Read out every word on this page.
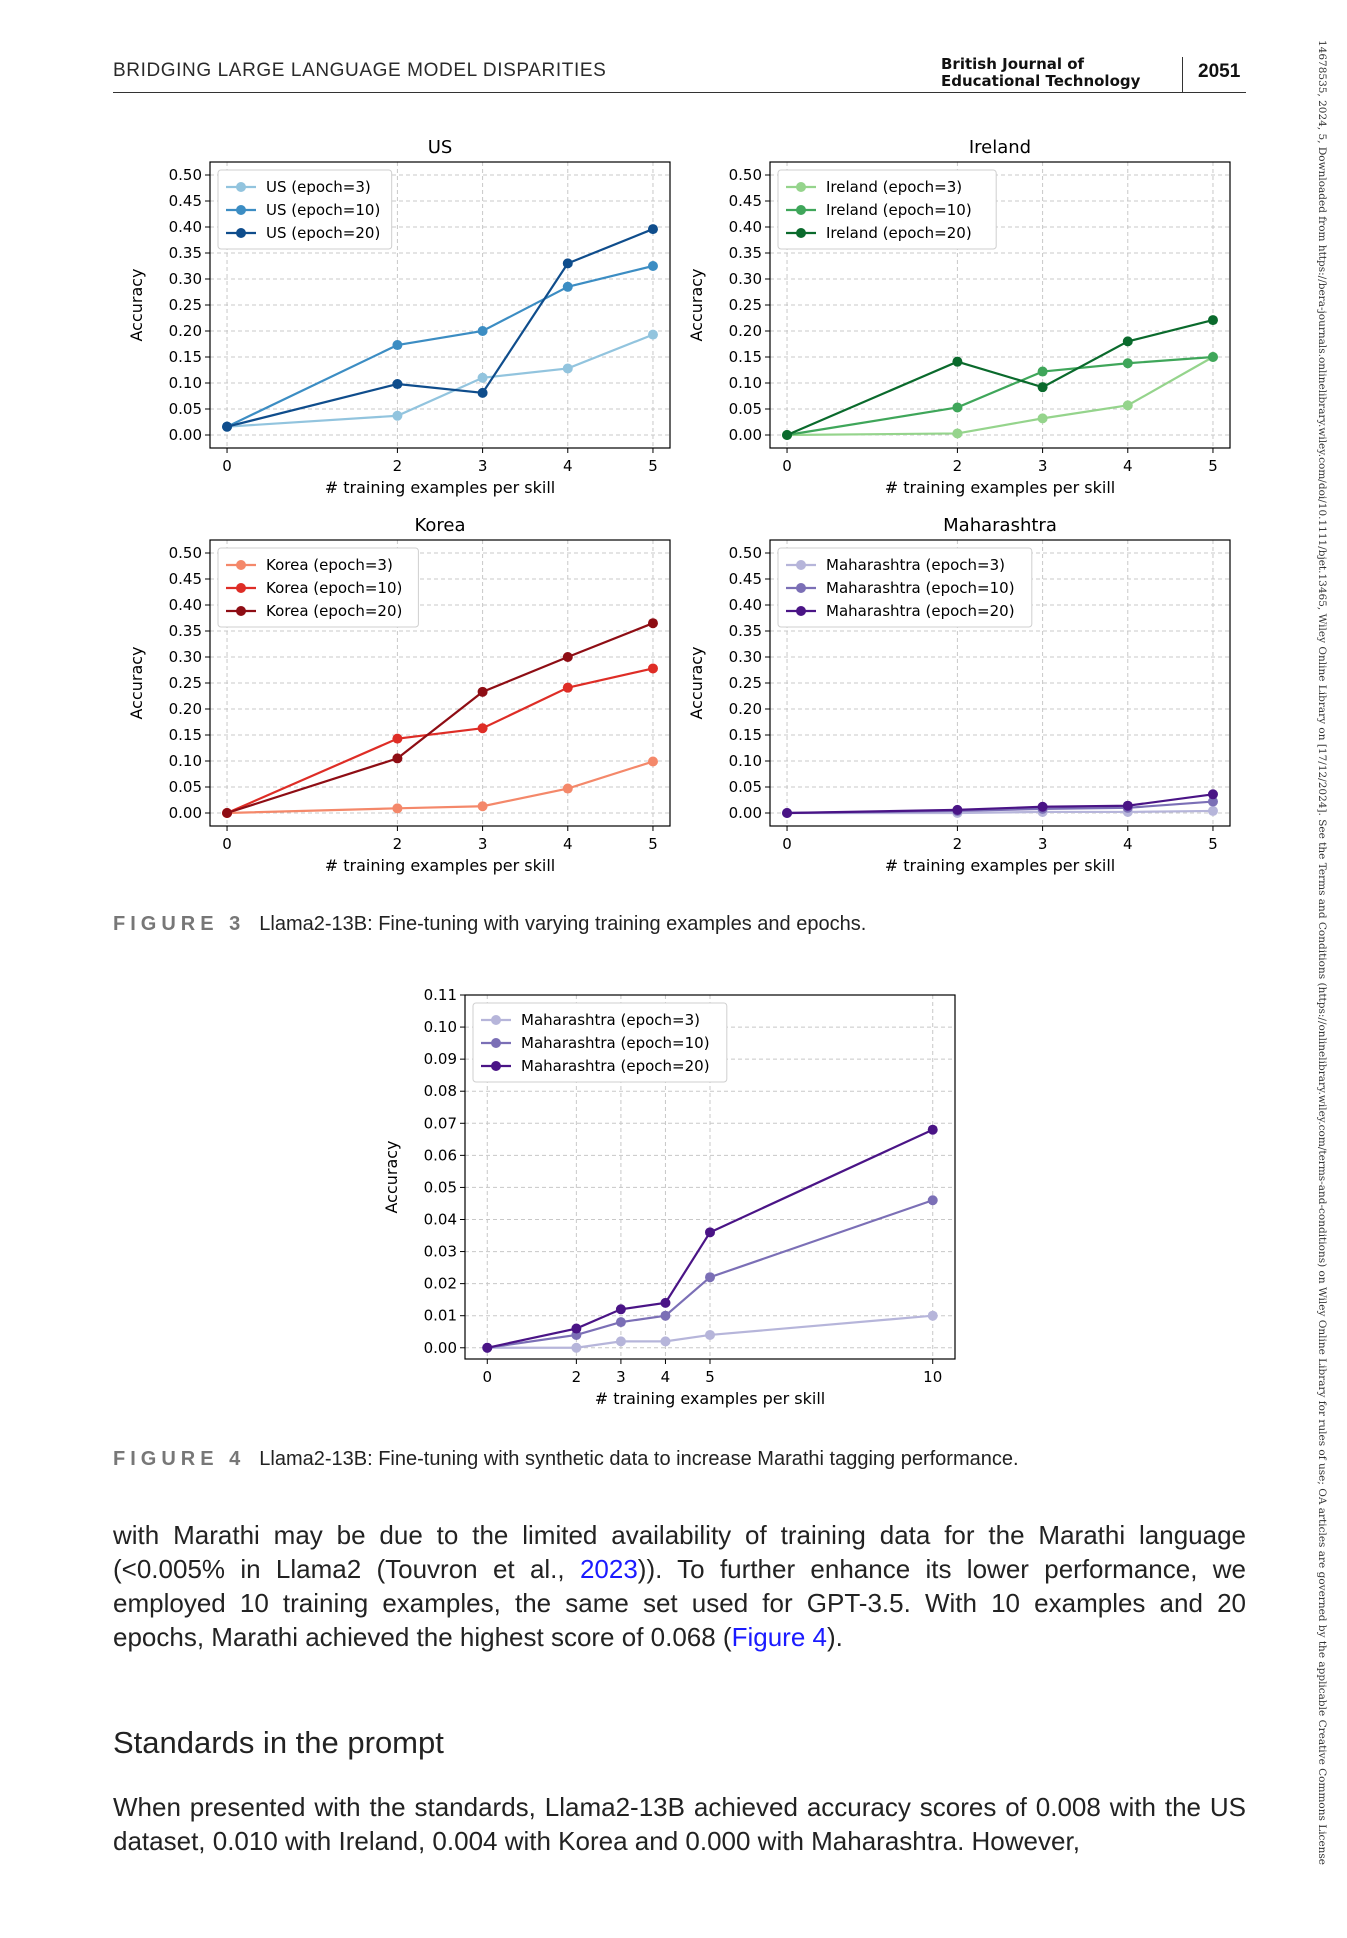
BRIDGING LARGE LANGUAGE MODEL DISPARITIES	British Journal of
Educational Technology	2051	14678535, 2024, 5, Downloaded from https://bera-journals.onlinelibrary.wiley.com/doi/10.1111/bjet.13465, Wiley Online Library on [17/12/2024]. See the Terms and Conditions (https://onlinelibrary.wiley.com/terms-and-conditions) on Wiley Online Library for rules of use; OA articles are governed by the applicable Creative Commons License
0.00
0.05
0.10
0.15
0.20
0.25
0.30
0.35
0.40
0.45
0.50
0	2	3	4	5
# training examples per skill
Accuracy
US
US (epoch=3)
US (epoch=10)
US (epoch=20)
0.00
0.05
0.10
0.15
0.20
0.25
0.30
0.35
0.40
0.45
0.50
0	2	3	4	5
# training examples per skill
Accuracy
Ireland
Ireland (epoch=3)
Ireland (epoch=10)
Ireland (epoch=20)
0.00
0.05
0.10
0.15
0.20
0.25
0.30
0.35
0.40
0.45
0.50
0	2	3	4	5
# training examples per skill
Accuracy
Korea
Korea (epoch=3)
Korea (epoch=10)
Korea (epoch=20)
0.00
0.05
0.10
0.15
0.20
0.25
0.30
0.35
0.40
0.45
0.50
0	2	3	4	5
# training examples per skill
Accuracy
Maharashtra
Maharashtra (epoch=3)
Maharashtra (epoch=10)
Maharashtra (epoch=20)
FIGURE 3 Llama2-13B: Fine-tuning with varying training examples and epochs.
0.00
0.01
0.02
0.03
0.04
0.05
0.06
0.07
0.08
0.09
0.10
0.11
0	2 3 4 5	10
# training examples per skill
Accuracy
Maharashtra (epoch=3)
Maharashtra (epoch=10)
Maharashtra (epoch=20)
FIGURE 4 Llama2-13B: Fine-tuning with synthetic data to increase Marathi tagging performance.

with Marathi may be due to the limited availability of training data for the Marathi language (<0.005% in Llama2 (Touvron et al., 2023)). To further enhance its lower performance, we employed 10 training examples, the same set used for GPT-3.5. With 10 examples and 20 epochs, Marathi achieved the highest score of 0.068 (Figure 4).

Standards in the prompt

When presented with the standards, Llama2-13B achieved accuracy scores of 0.008 with the US dataset, 0.010 with Ireland, 0.004 with Korea and 0.000 with Maharashtra. However,
